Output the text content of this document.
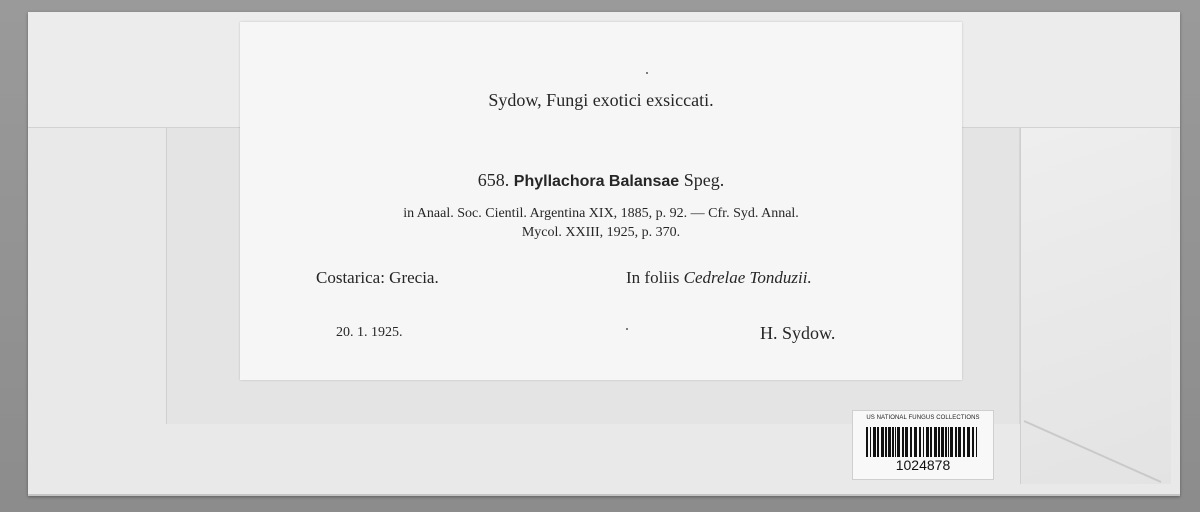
Sydow, Fungi exotici exsiccati.
658. Phyllachora Balansae Speg.
in Anaal. Soc. Cientil. Argentina XIX, 1885, p. 92. — Cfr. Syd. Annal.
Mycol. XXIII, 1925, p. 370.
Costarica: Grecia.	In foliis Cedrelae Tonduzii.
20. 1. 1925.	H. Sydow.
US NATIONAL FUNGUS COLLECTIONS
1024878
